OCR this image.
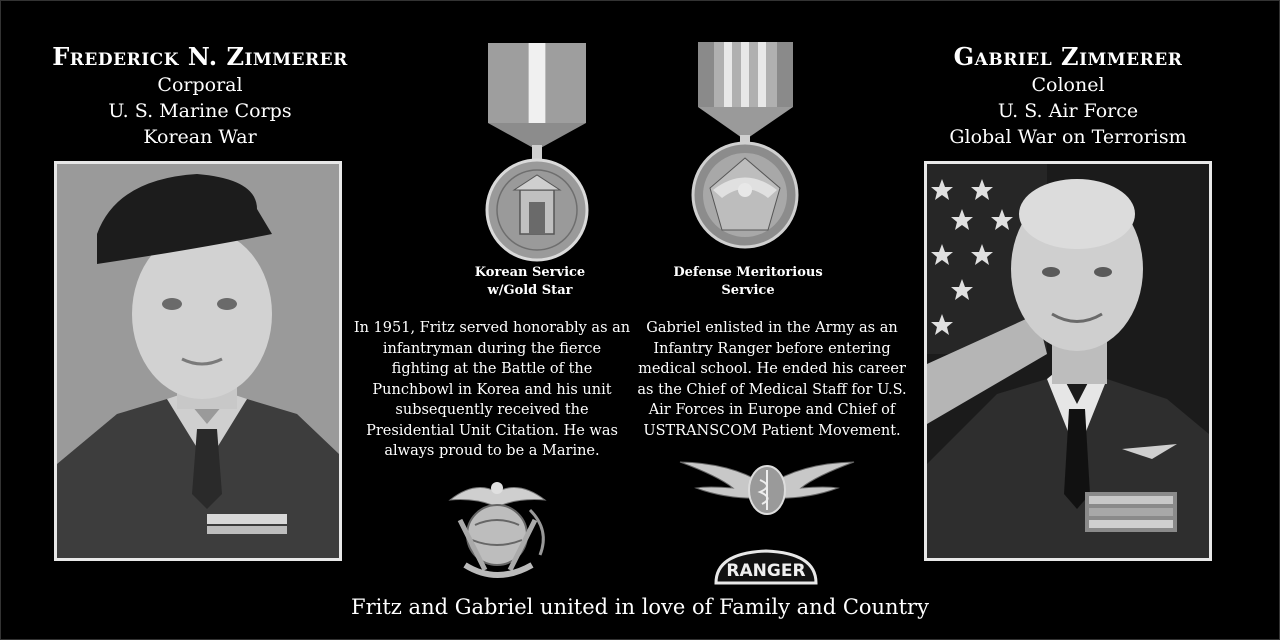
Frederick N. Zimmerer
Corporal
U. S. Marine Corps
Korean War
Gabriel Zimmerer
Colonel
U. S. Air Force
Global War on Terrorism
Korean Service
w/Gold Star
Defense Meritorious
Service
In 1951, Fritz served honorably as an
infantryman during the fierce
fighting at the Battle of the
Punchbowl in Korea and his unit
subsequently received the
Presidential Unit Citation. He was
always proud to be a Marine.
Gabriel enlisted in the Army as an
Infantry Ranger before entering
medical school. He ended his career
as the Chief of Medical Staff for U.S.
Air Forces in Europe and Chief of
USTRANSCOM Patient Movement.
RANGER
Fritz and Gabriel united in love of Family and Country
